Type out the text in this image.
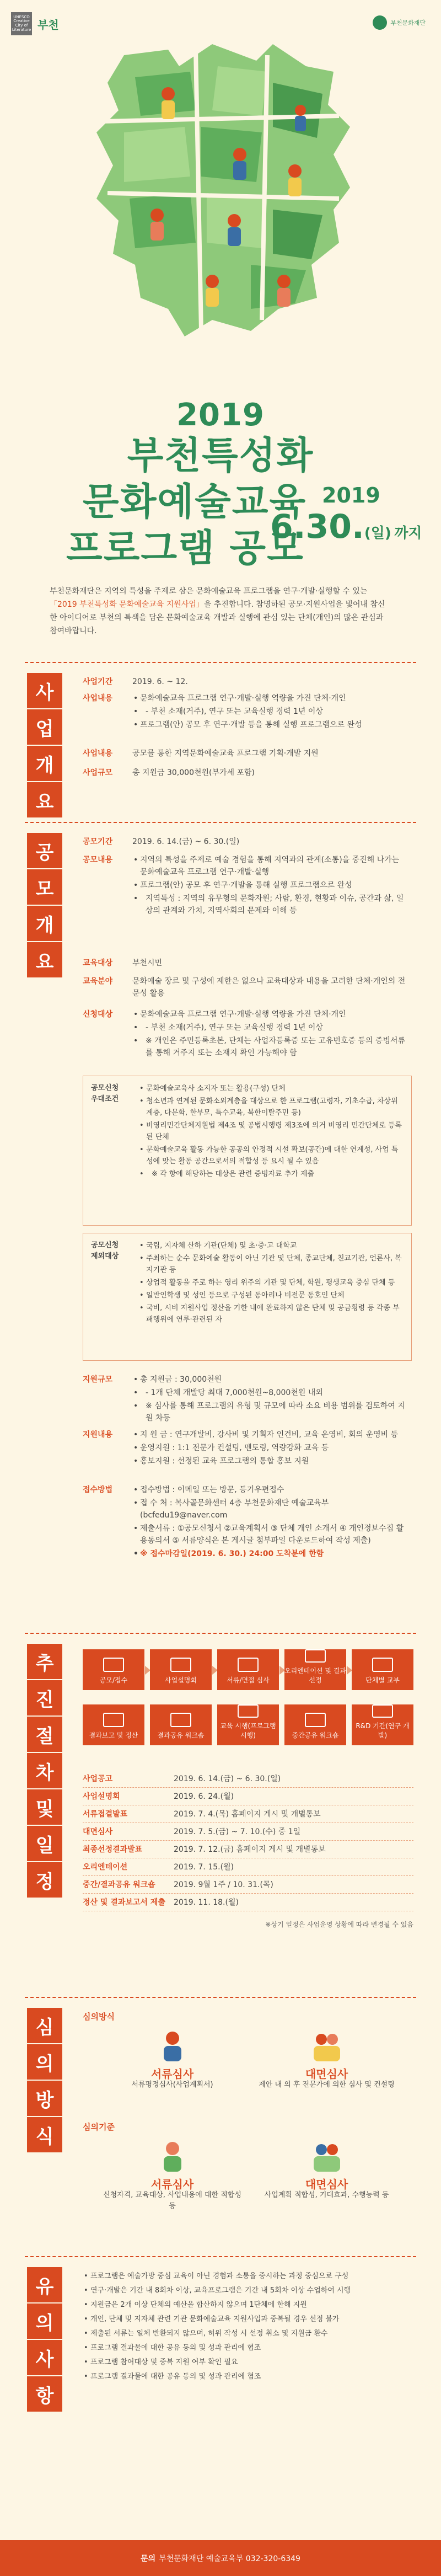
UNESCO Creative City of Literature 부천	부천문화재단
2019
부천특성화
문화예술교육
프로그램 공모
2019
6.30.(일) 까지

부천문화재단은 지역의 특성을 주제로 삼은 문화예술교육 프로그램을 연구·개발·실행할 수 있는 「2019 부천특성화 문화예술교육 지원사업」을 추진합니다. 참명하된 공모·지원사업을 빛어내 참신한 아이디어로 부천의 특색을 담은 문화예술교육 개발과 실행에 관심 있는 단체(개인)의 많은 관심과 참여바랍니다.

사
업
개
요
사업기간	2019. 6. ~ 12.
사업내용	• 문화예술교육 프로그램 연구·개발·실행 역량을 가진 단체·개인
• - 부천 소재(거주), 연구 또는 교육실행 경력 1년 이상
• 프로그램(안) 공모 후 연구·개발 등을 통해 실행 프로그램으로 완성
사업내용	공모를 통한 지역문화예술교육 프로그램 기획·개발 지원
사업규모	총 지원금 30,000천원(부가세 포함)
공
모
개
요
공모기간	2019. 6. 14.(금) ~ 6. 30.(일)
공모내용	• 지역의 특성을 주제로 예술 경험을 통해 지역과의 관계(소통)을 중진해 나가는 문화예술교육 프로그램 연구·개발·실행
• 프로그램(안) 공모 후 연구·개발을 통해 실행 프로그램으로 완성
• 지역특성 : 지역의 유무형의 문화자원; 사람, 환경, 현황과 이슈, 공간과 삶, 일상의 관계와 가치, 지역사회의 문제와 이해 등
교육대상	부천시민
교육분야	문화예술 장르 및 구성에 제한은 없으나 교육대상과 내용을 고려한 단체·개인의 전문성 활용
신청대상	• 문화예술교육 프로그램 연구·개발·실행 역량을 가진 단체·개인
• - 부천 소재(거주), 연구 또는 교육실행 경력 1년 이상
• ※ 개인은 주민등록초본, 단체는 사업자등록증 또는 고유번호증 등의 증빙서류를 통해 거주지 또는 소재지 확인 가능해야 함
공모신청
우대조건
• 문화예술교육사 소지자 또는 활용(구성) 단체
• 청소년과 연계된 문화소외계층을 대상으로 한 프로그램(고령자, 기초수급, 차상위계층, 다문화, 한부모, 특수교육, 북한이탈주민 등)
• 비영리민간단체지원법 제4조 및 공법시행령 제3조에 의거 비영리 민간단체로 등록된 단체
• 문화예술교육 활동 가능한 공공의 안정적 시설 확보(공간)에 대한 연계성, 사업 특성에 맞는 활동 공간으로서의 적합성 등 요시 될 수 있음
• ※ 각 항에 해당하는 대상은 관련 증빙자료 추가 제출
공모신청
제외대상
• 국립, 지자체 산하 기관(단체) 및 초·중·고 대학교
• 주최하는 순수 문화예술 활동이 아닌 기관 및 단체, 종교단체, 친교기관, 언론사, 복지기관 등
• 상업적 활동을 주로 하는 영리 위주의 기관 및 단체, 학원, 평생교육 중심 단체 등
• 일반인학생 및 성인 등으로 구성된 동아리나 비전문 동호인 단체
• 국비, 시비 지원사업 정산을 기한 내에 완료하지 않은 단체 및 공금횡령 등 각종 부패행위에 연루·관련된 자
지원규모	• 총 지원금 : 30,000천원
• - 1개 단체 개발당 최대 7,000천원~8,000천원 내외
• ※ 심사를 통해 프로그램의 유형 및 규모에 따라 소요 비용 범위를 검토하여 지원 차등
지원내용	• 지 원 금 : 연구개발비, 강사비 및 기획자 인건비, 교육 운영비, 회의 운영비 등
• 운영지원 : 1:1 전문가 컨설팅, 멘토링, 역량강화 교육 등
• 홍보지원 : 선정된 교육 프로그램의 통합 홍보 지원
접수방법	• 접수방법 : 이메일 또는 방문, 등기우편접수
• 접 수 처 : 복사골문화센터 4층 부천문화재단 예술교육부 (bcfedu19@naver.com
• 제출서류 : ①공모신청서 ②교육계획서 ③ 단체 개인 소개서 ④ 개인정보수집 활용동의서 ⑤ 서류양식은 본 게시글 첨부파일 다운로드하여 작성 제출)
• ※ 접수마감일(2019. 6. 30.) 24:00 도착분에 한함
추
진
절
차
및
일
정
공모/접수	사업설명회	서류/면접 심사
오리엔테이션 및 결과 선정	단체별 교부
결과보고 및 정산	결과공유 워크숍
교육 시행(프로그램 시행)	중간공유 워크숍
R&D 기간(연구 개발)
사업공고	2019. 6. 14.(금) ~ 6. 30.(일)
사업설명회	2019. 6. 24.(월)
서류접결발표	2019. 7. 4.(목) 홈페이지 게시 및 개별통보
대면심사	2019. 7. 5.(금) ~ 7. 10.(수) 중 1일
최종선정결과발표	2019. 7. 12.(금) 홈페이지 게시 및 개별통보
오리엔테이션	2019. 7. 15.(월)
중간/결과공유 워크숍 2019. 9월 1주 / 10. 31.(목)
정산 및 결과보고서 제출 2019. 11. 18.(월)
※상기 일정은 사업운영 상황에 따라 변경될 수 있음
심
의
방
식
심의방식
서류심사
서류평정심사(사업계획서)
대면심사
제안 내 의 후 전문가에 의한 심사 및 컨설팅
심의기준
서류심사
신청자격, 교육대상, 사업내용에 대한 적합성 등
대면심사
사업계획 적합성, 기대효과, 수행능력 등
유
의
사
항
• 프로그램은 예술가방 중심 교육이 아닌 경험과 소통을 중시하는 과정 중심으로 구성
• 연구·개발은 기간 내 8회차 이상, 교육프로그램은 기간 내 5회차 이상 수업하여 시행
• 지원금은 2개 이상 단체의 예산을 합산하지 않으며 1단체에 한해 지원
• 개인, 단체 및 지자체 관련 기관 문화예술교육 지원사업과 중복될 경우 선정 불가
• 제출된 서류는 일체 반환되지 않으며, 허위 작성 시 선정 취소 및 지원금 환수
• 프로그램 결과물에 대한 공유 동의 및 성과 관리에 협조
• 프로그램 참여대상 및 중복 지원 여부 확인 필요
• 프로그램 결과물에 대한 공유 동의 및 성과 관리에 협조
문의 부천문화재단 예술교육부 032-320-6349
